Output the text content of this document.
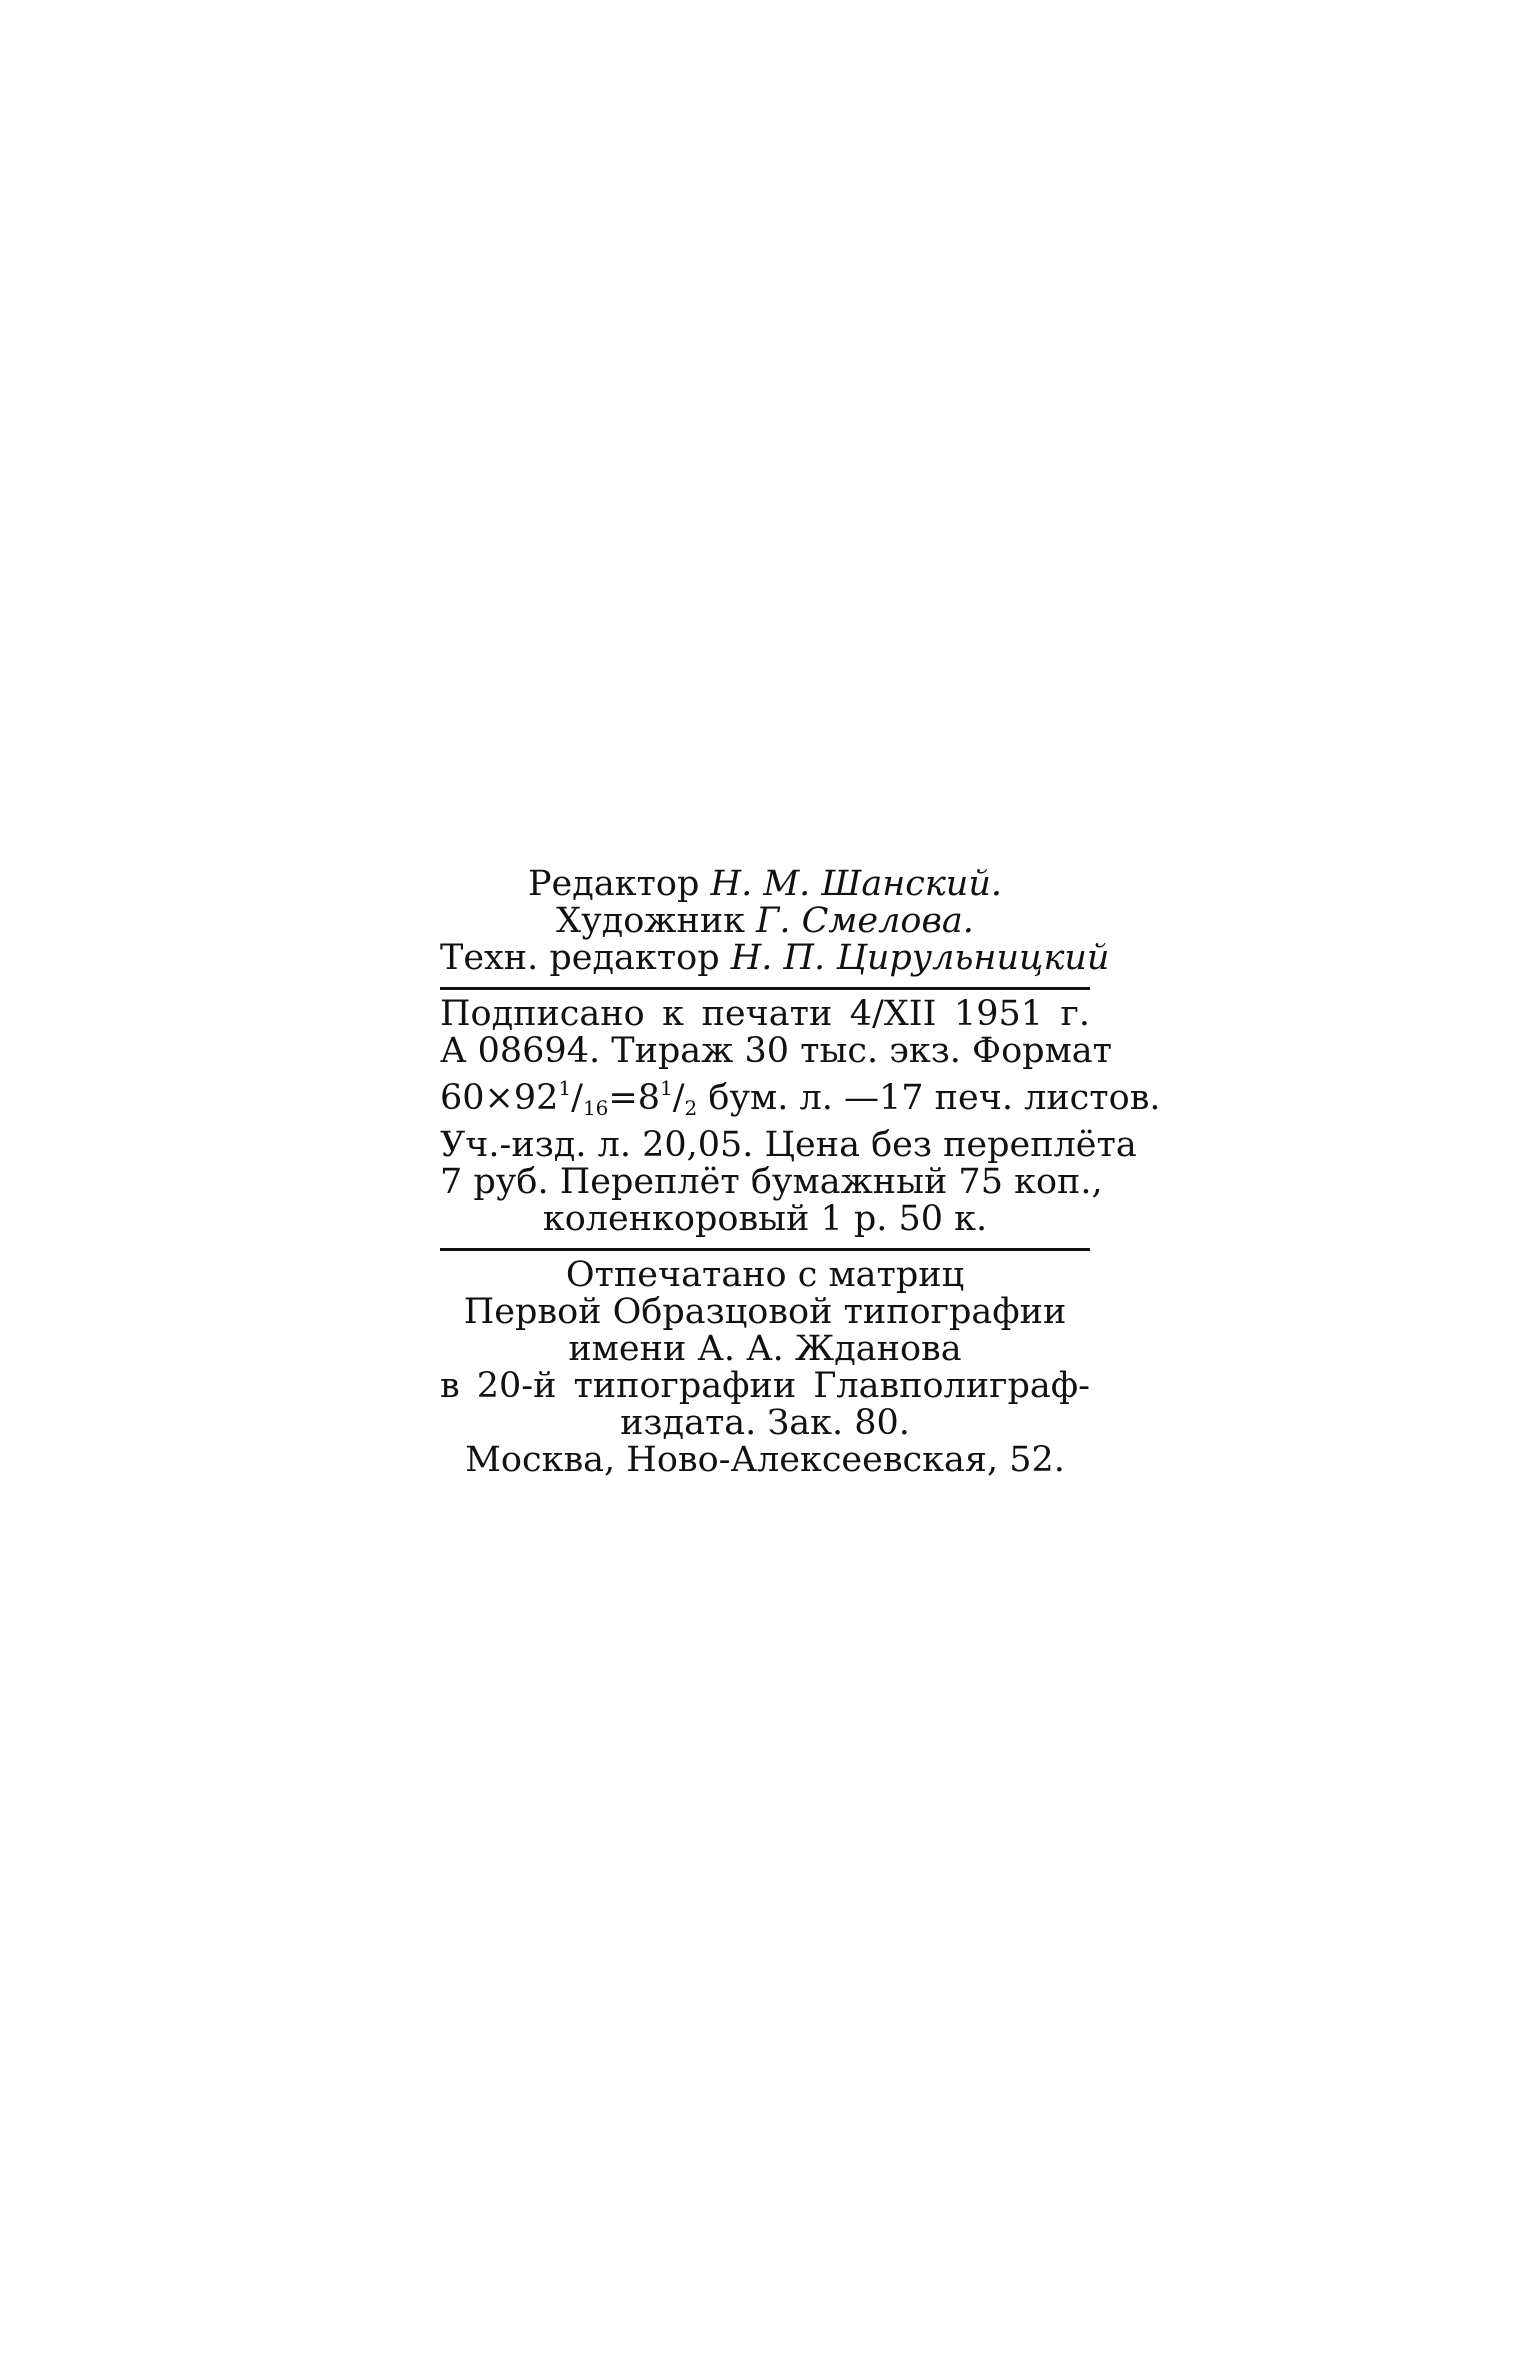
Редактор Н. М. Шанский.
Художник Г. Смелова.
Техн. редактор Н. П. Цирульницкий
Подписано к печати 4/XII 1951 г.
А 08694. Тираж 30 тыс. экз. Формат
$60\times 92^1/16=8^1/2$ бум. л. —17 печ. листов.
Уч.-изд. л. 20,05. Цена без переплёта
7 руб. Переплёт бумажный 75 коп.,
коленкоровый 1 р. 50 к.
Отпечатано с матриц
Первой Образцовой типографии
имени А. А. Жданова
в 20-й типографии Главполиграф-
издата. Зак. 80.
Москва, Ново-Алексеевская, 52.
